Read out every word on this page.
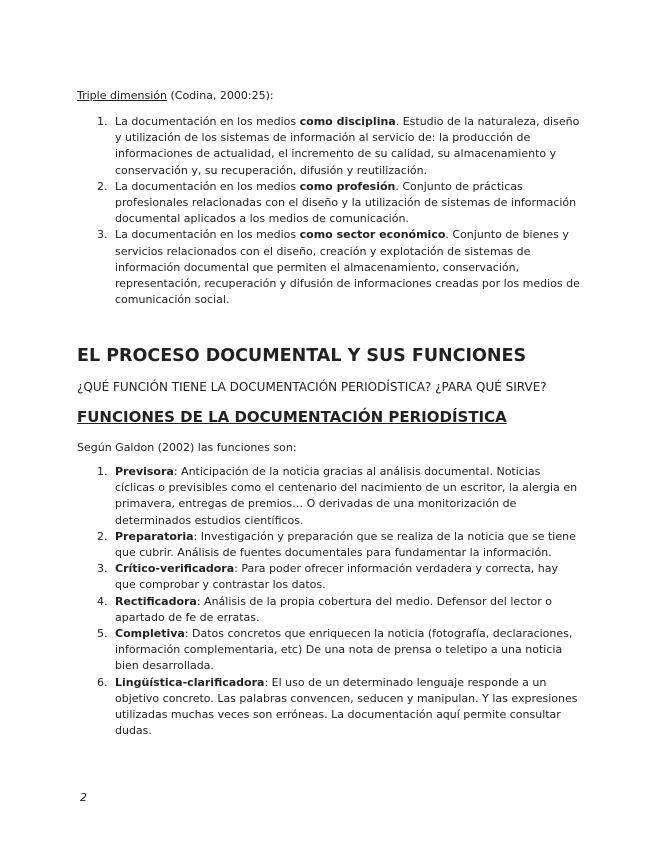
Triple dimensión (Codina, 2000:25):

1. La documentación en los medios como disciplina. Estudio de la naturaleza, diseño y utilización de los sistemas de información al servicio de: la producción de informaciones de actualidad, el incremento de su calidad, su almacenamiento y conservación y, su recuperación, difusión y reutilización.
2. La documentación en los medios como profesión. Conjunto de prácticas profesionales relacionadas con el diseño y la utilización de sistemas de información documental aplicados a los medios de comunicación.
3. La documentación en los medios como sector económico. Conjunto de bienes y servicios relacionados con el diseño, creación y explotación de sistemas de información documental que permiten el almacenamiento, conservación, representación, recuperación y difusión de informaciones creadas por los medios de comunicación social.
EL PROCESO DOCUMENTAL Y SUS FUNCIONES

¿QUÉ FUNCIÓN TIENE LA DOCUMENTACIÓN PERIODÍSTICA? ¿PARA QUÉ SIRVE?

FUNCIONES DE LA DOCUMENTACIÓN PERIODÍSTICA

Según Galdon (2002) las funciones son:

1. Previsora: Anticipación de la noticia gracias al análisis documental. Noticias cíclicas o previsibles como el centenario del nacimiento de un escritor, la alergia en primavera, entregas de premios… O derivadas de una monitorización de determinados estudios científicos.
2. Preparatoria: Investigación y preparación que se realiza de la noticia que se tiene que cubrir. Análisis de fuentes documentales para fundamentar la información.
3. Crítico-verificadora: Para poder ofrecer información verdadera y correcta, hay que comprobar y contrastar los datos.
4. Rectificadora: Análisis de la propia cobertura del medio. Defensor del lector o apartado de fe de erratas.
5. Completiva: Datos concretos que enriquecen la noticia (fotografía, declaraciones, información complementaria, etc) De una nota de prensa o teletipo a una noticia bien desarrollada.
6. Lingüística-clarificadora: El uso de un determinado lenguaje responde a un objetivo concreto. Las palabras convencen, seducen y manipulan. Y las expresiones utilizadas muchas veces son erróneas. La documentación aquí permite consultar dudas.
2
